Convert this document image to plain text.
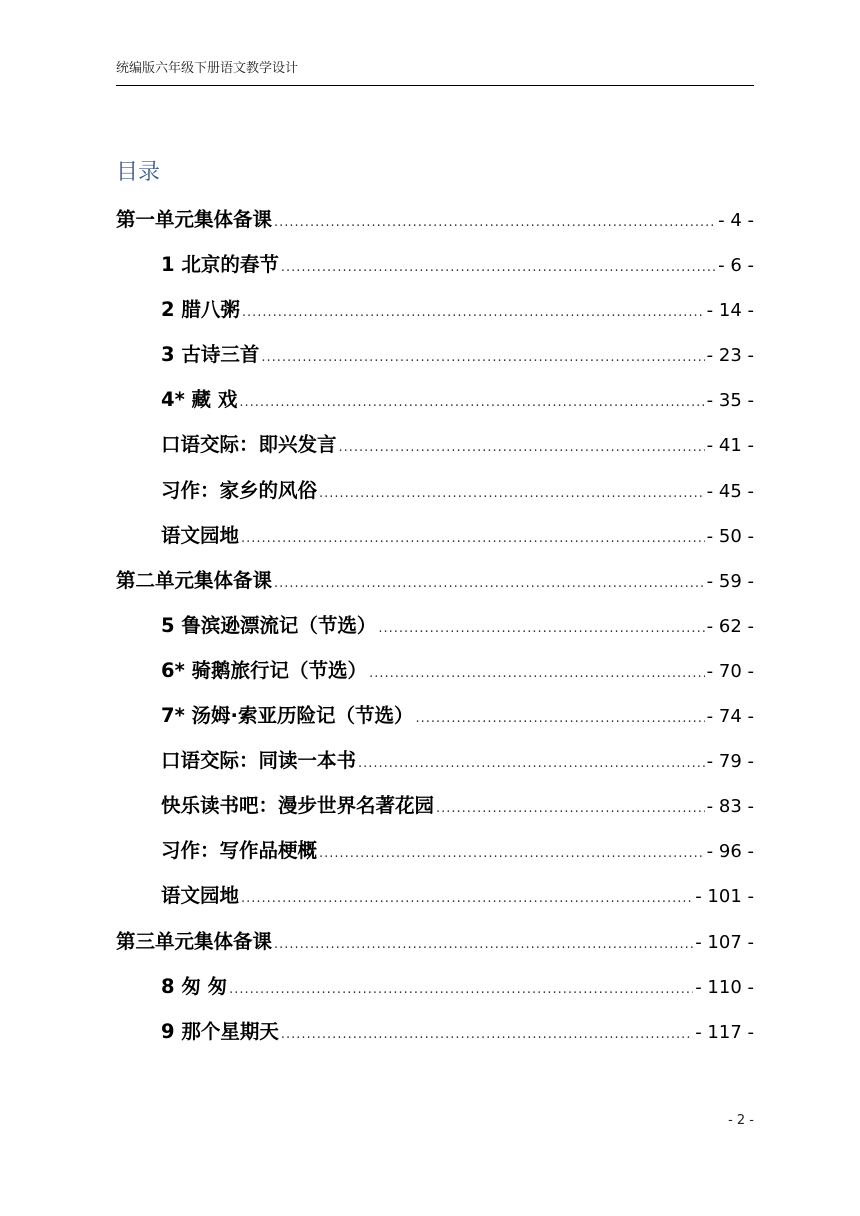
统编版六年级下册语文教学设计
目录
第一单元集体备课 .....	- 4 -
1 北京的春节 .....	- 6 -
2 腊八粥 .....	- 14 -
3 古诗三首 .....	- 23 -
4* 藏 戏 .....	- 35 -
口语交际：即兴发言 .....	- 41 -
习作：家乡的风俗 .....	- 45 -
语文园地 .....	- 50 -
第二单元集体备课 .....	- 59 -
5 鲁滨逊漂流记（节选） .....	- 62 -
6* 骑鹅旅行记（节选） .....	- 70 -
7* 汤姆·索亚历险记（节选） .....	- 74 -
口语交际：同读一本书 .....	- 79 -
快乐读书吧：漫步世界名著花园 .....	- 83 -
习作：写作品梗概 .....	- 96 -
语文园地 .....	- 101 -
第三单元集体备课 .....	- 107 -
8 匆 匆 .....	- 110 -
9 那个星期天 .....	- 117 -
- 2 -
